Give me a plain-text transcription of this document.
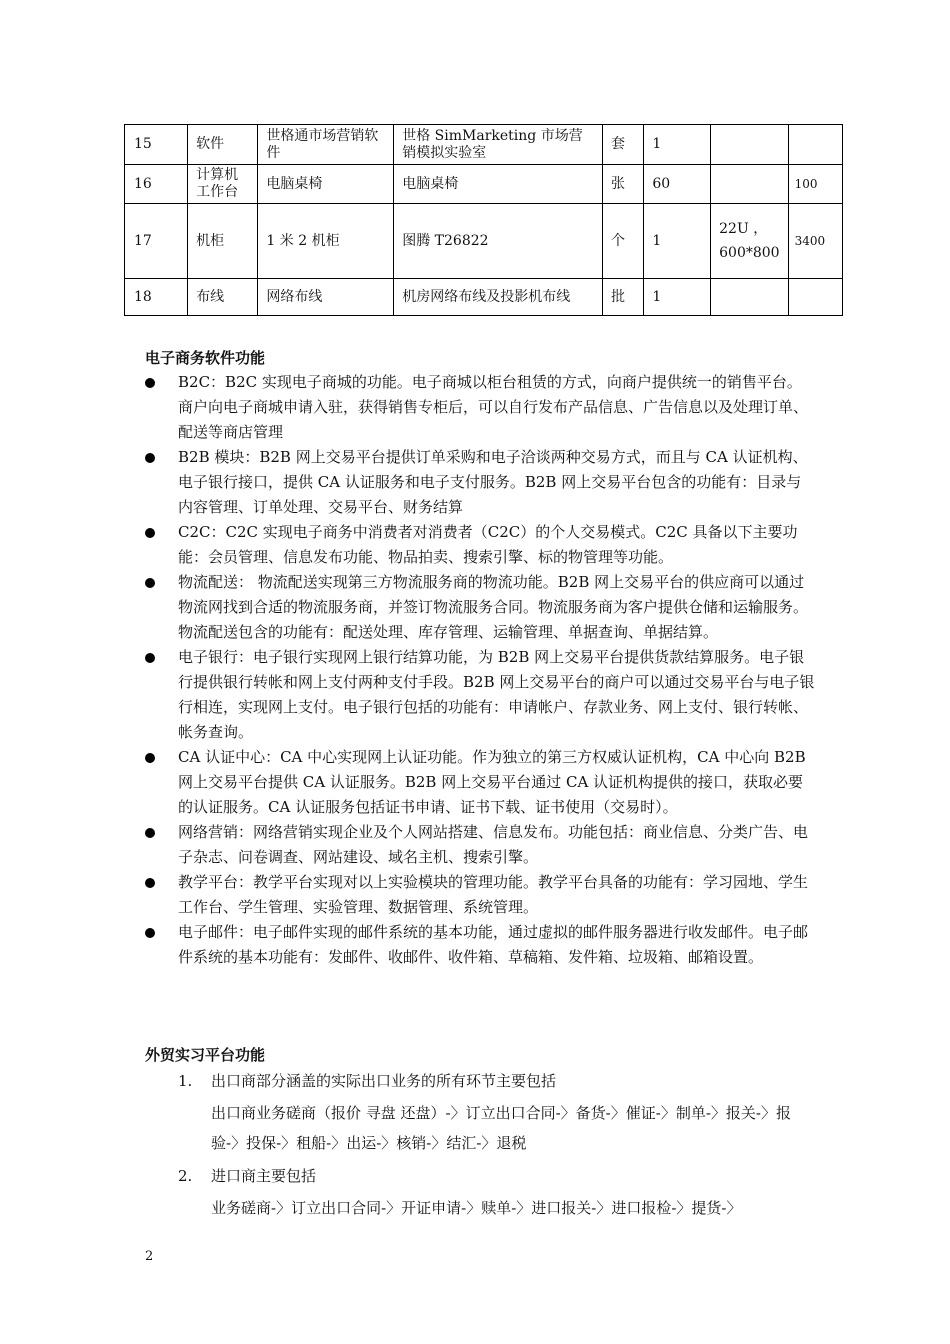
15	软件	世格通市场营销软件	世格 SimMarketing 市场营销模拟实验室	套	1		
16	计算机工作台	电脑桌椅	电脑桌椅	张	60		100
17	机柜	1 米 2 机柜	图腾 T26822	个	1	22U ，600*800	3400
18	布线	网络布线	机房网络布线及投影机布线	批	1		
电子商务软件功能
B2C：B2C 实现电子商城的功能。电子商城以柜台租赁的方式，向商户提供统一的销售平台。商户向电子商城申请入驻，获得销售专柜后，可以自行发布产品信息、广告信息以及处理订单、配送等商店管理
B2B 模块：B2B 网上交易平台提供订单采购和电子洽谈两种交易方式，而且与 CA 认证机构、电子银行接口，提供 CA 认证服务和电子支付服务。B2B 网上交易平台包含的功能有：目录与内容管理、订单处理、交易平台、财务结算
C2C：C2C 实现电子商务中消费者对消费者（C2C）的个人交易模式。C2C 具备以下主要功能：会员管理、信息发布功能、物品拍卖、搜索引擎、标的物管理等功能。
物流配送： 物流配送实现第三方物流服务商的物流功能。B2B 网上交易平台的供应商可以通过物流网找到合适的物流服务商，并签订物流服务合同。物流服务商为客户提供仓储和运输服务。物流配送包含的功能有：配送处理、库存管理、运输管理、单据查询、单据结算。
电子银行：电子银行实现网上银行结算功能，为 B2B 网上交易平台提供货款结算服务。电子银行提供银行转帐和网上支付两种支付手段。B2B 网上交易平台的商户可以通过交易平台与电子银行相连，实现网上支付。电子银行包括的功能有：申请帐户、存款业务、网上支付、银行转帐、帐务查询。
CA 认证中心：CA 中心实现网上认证功能。作为独立的第三方权威认证机构，CA 中心向 B2B 网上交易平台提供 CA 认证服务。B2B 网上交易平台通过 CA 认证机构提供的接口，获取必要的认证服务。CA 认证服务包括证书申请、证书下载、证书使用（交易时）。
网络营销：网络营销实现企业及个人网站搭建、信息发布。功能包括：商业信息、分类广告、电子杂志、问卷调查、网站建设、域名主机、搜索引擎。
教学平台：教学平台实现对以上实验模块的管理功能。教学平台具备的功能有：学习园地、学生工作台、学生管理、实验管理、数据管理、系统管理。
电子邮件：电子邮件实现的邮件系统的基本功能，通过虚拟的邮件服务器进行收发邮件。电子邮件系统的基本功能有：发邮件、收邮件、收件箱、草稿箱、发件箱、垃圾箱、邮箱设置。
外贸实习平台功能
1. 出口商部分涵盖的实际出口业务的所有环节主要包括
出口商业务磋商（报价 寻盘 还盘）-〉订立出口合同-〉备货-〉催证-〉制单-〉报关-〉报验-〉投保-〉租船-〉出运-〉核销-〉结汇-〉退税
2. 进口商主要包括
业务磋商-〉订立出口合同-〉开证申请-〉赎单-〉进口报关-〉进口报检-〉提货-〉
2
